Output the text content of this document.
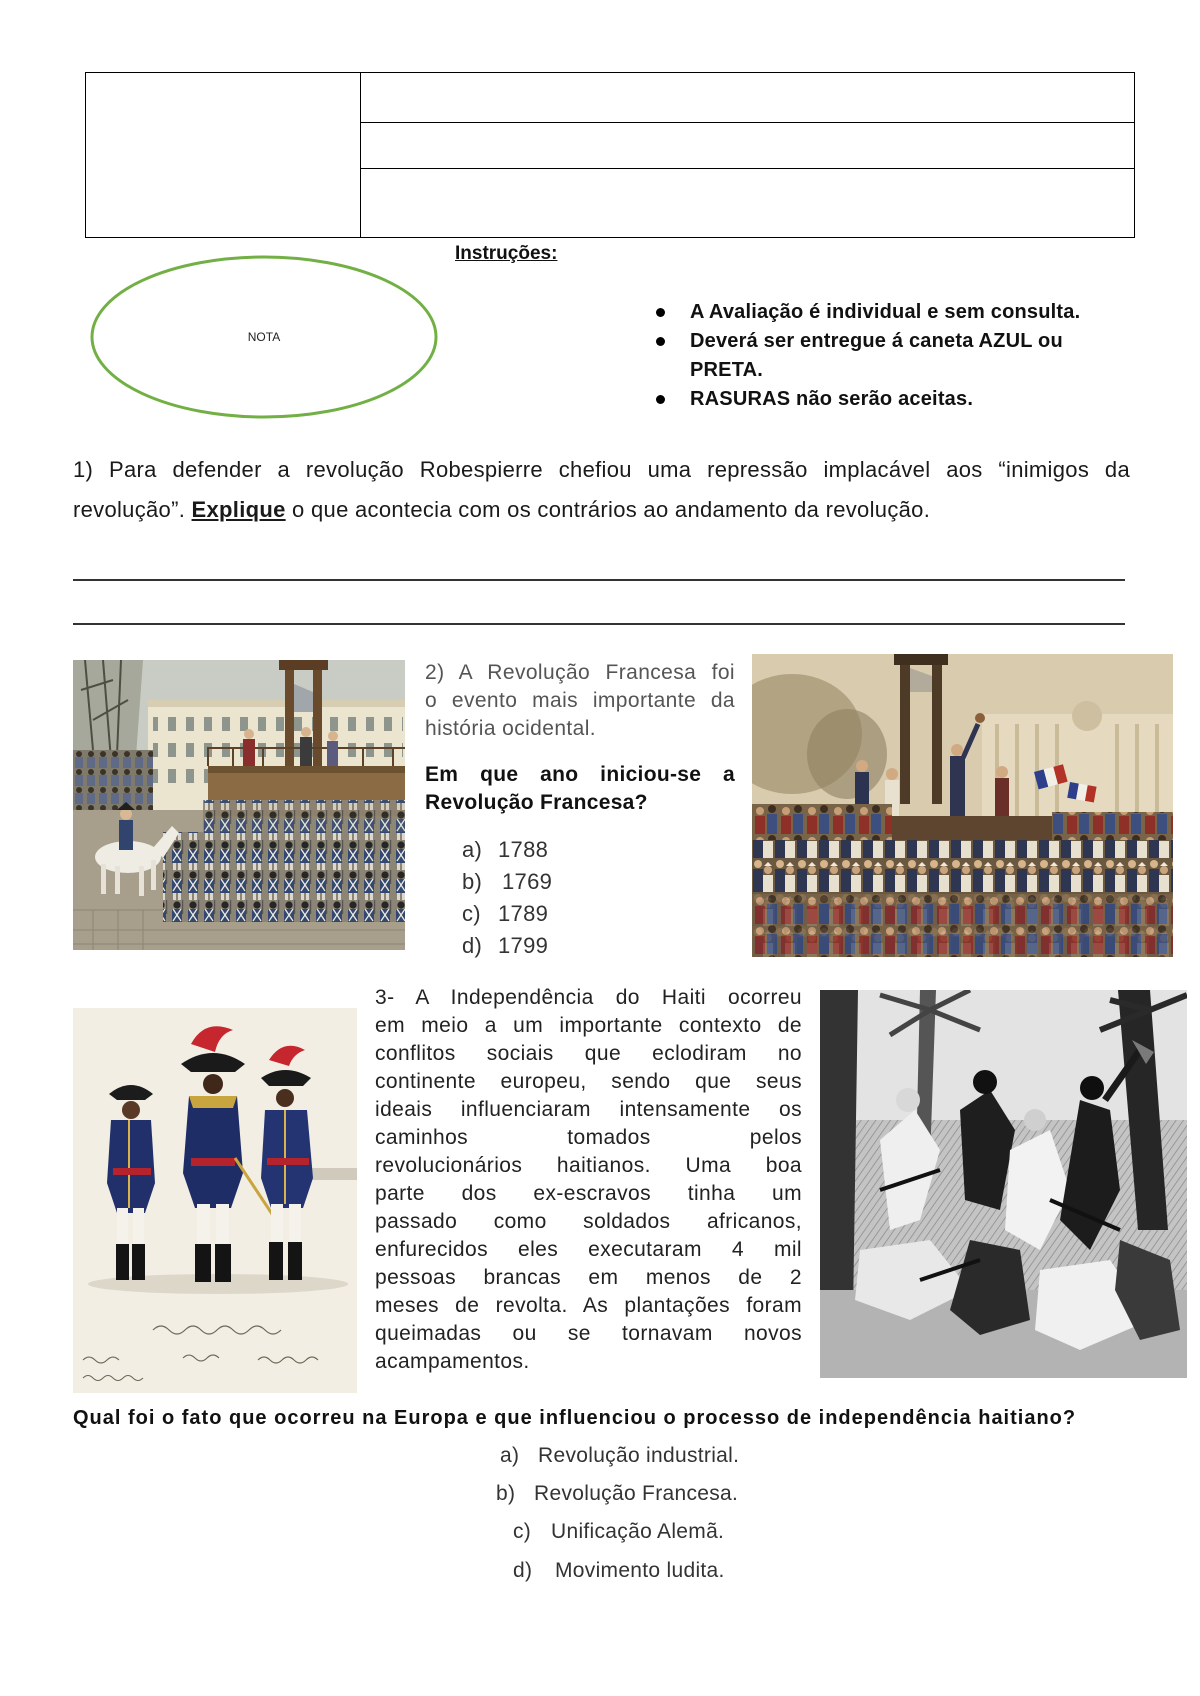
Instruções:
NOTA
A Avaliação é individual e sem consulta.
Deverá ser entregue á caneta AZUL ou PRETA.
RASURAS não serão aceitas.
1) Para defender a revolução Robespierre chefiou uma repressão implacável aos “inimigos da
revolução”. Explique o que acontecia com os contrários ao andamento da revolução.
2) A Revolução Francesa foi
o evento mais importante da
história ocidental.
Em que ano iniciou-se a
Revolução Francesa?
a) 1788
b) 1769
c) 1789
d) 1799
3- A Independência do Haiti ocorreu
em meio a um importante contexto de
conflitos sociais que eclodiram no
continente europeu, sendo que seus
ideais influenciaram intensamente os
caminhos tomados pelos
revolucionários haitianos. Uma boa
parte dos ex-escravos tinha um
passado como soldados africanos,
enfurecidos eles executaram 4 mil
pessoas brancas em menos de 2
meses de revolta. As plantações foram
queimadas ou se tornavam novos
acampamentos.
Qual foi o fato que ocorreu na Europa e que influenciou o processo de independência haitiano?
a) Revolução industrial.
b) Revolução Francesa.
c) Unificação Alemã.
d) Movimento ludita.
